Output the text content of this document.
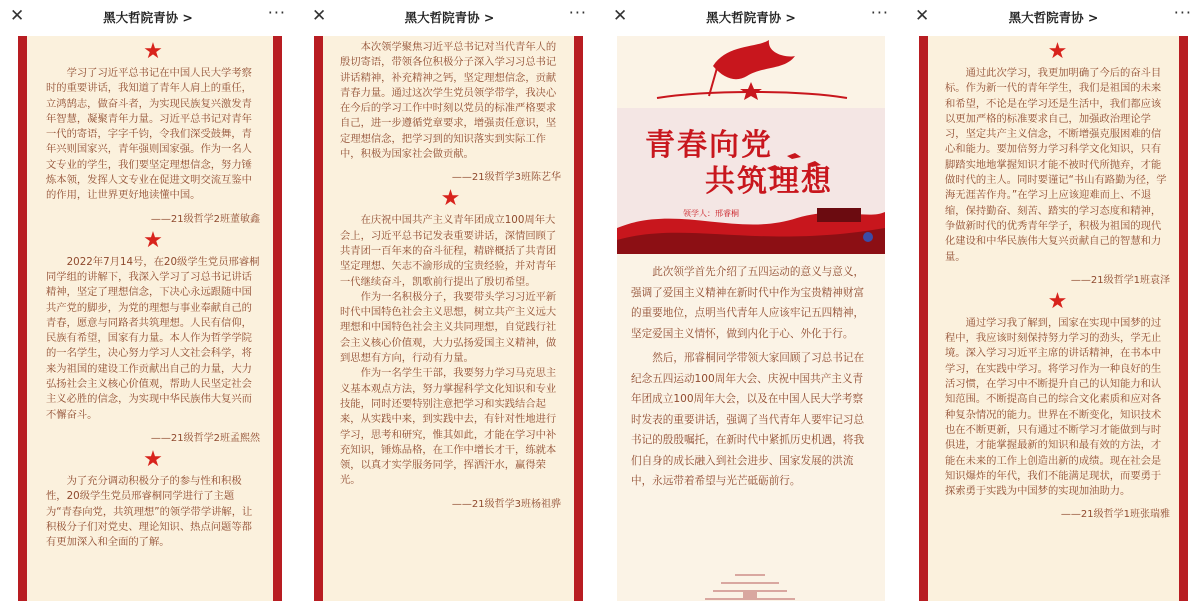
✕	黑大哲院青协 >	···
★

学习了习近平总书记在中国人民大学考察时的重要讲话，我知道了青年人肩上的重任，立鸿鹄志，做奋斗者，为实现民族复兴激发青年智慧，凝聚青年力量。习近平总书记对青年一代的寄语，字字千钧，令我们深受鼓舞，青年兴则国家兴，青年强则国家强。作为一名人文专业的学生，我们要坚定理想信念，努力锤炼本领，发挥人文专业在促进文明交流互鉴中的作用，让世界更好地读懂中国。

——21级哲学2班董敏鑫
★

2022年7月14号，在20级学生党员邢睿桐同学组的讲解下，我深入学习了习总书记讲话精神，坚定了理想信念，下决心永远跟随中国共产党的脚步，为党的理想与事业奉献自己的青春，愿意与同路者共筑理想。人民有信仰，民族有希望，国家有力量。本人作为哲学学院的一名学生，决心努力学习人文社会科学，将来为祖国的建设工作贡献出自己的力量，大力弘扬社会主义核心价值观，帮助人民坚定社会主义必胜的信念，为实现中华民族伟大复兴而不懈奋斗。

——21级哲学2班孟熙然
★

为了充分调动积极分子的参与性和积极性，20级学生党员邢睿桐同学进行了主题为“青春向党，共筑理想”的领学带学讲解，让积极分子们对党史、理论知识、热点问题等都有更加深入和全面的了解。

✕	黑大哲院青协 >	···

本次领学聚焦习近平总书记对当代青年人的殷切寄语，带领各位积极分子深入学习习总书记讲话精神，补充精神之钙，坚定理想信念，贡献青春力量。通过这次学生党员领学带学，我决心在今后的学习工作中时刻以党员的标准严格要求自己，进一步遵循党章要求，增强责任意识，坚定理想信念，把学习到的知识落实到实际工作中，积极为国家社会做贡献。

——21级哲学3班陈艺华
★

在庆祝中国共产主义青年团成立100周年大会上，习近平总书记发表重要讲话，深情回顾了共青团一百年来的奋斗征程，精辟概括了共青团坚定理想、矢志不渝形成的宝贵经验，并对青年一代继续奋斗，凯歌前行提出了殷切希望。

作为一名积极分子，我要带头学习习近平新时代中国特色社会主义思想，树立共产主义远大理想和中国特色社会主义共同理想，自觉践行社会主义核心价值观，大力弘扬爱国主义精神，做到思想有方向，行动有力量。

作为一名学生干部，我要努力学习马克思主义基本观点方法，努力掌握科学文化知识和专业技能，同时还要特别注意把学习和实践结合起来，从实践中来，到实践中去，有针对性地进行学习，思考和研究，惟其如此，才能在学习中补充知识，锤炼品格，在工作中增长才干，练就本领，以真才实学服务同学，挥洒汗水，赢得荣光。

——21级哲学3班杨祖骅
✕	黑大哲院青协 >	···
青春向党
共筑理想
领学人：邢睿桐

此次领学首先介绍了五四运动的意义与意义，强调了爱国主义精神在新时代中作为宝贵精神财富的重要地位，点明当代青年人应该牢记五四精神，坚定爱国主义情怀，做到内化于心、外化于行。

然后，邢睿桐同学带领大家回顾了习总书记在纪念五四运动100周年大会、庆祝中国共产主义青年团成立100周年大会，以及在中国人民大学考察时发表的重要讲话，强调了当代青年人要牢记习总书记的殷殷嘱托，在新时代中紧抓历史机遇，将我们自身的成长融入到社会进步、国家发展的洪流中，永远带着希望与光芒砥砺前行。

✕	黑大哲院青协 >	···
★

通过此次学习，我更加明确了今后的奋斗目标。作为新一代的青年学生，我们是祖国的未来和希望，不论是在学习还是生活中，我们都应该以更加严格的标准要求自己，加强政治理论学习，坚定共产主义信念，不断增强克服困难的信心和能力。要加倍努力学习科学文化知识，只有脚踏实地地掌握知识才能不被时代所抛弃，才能做时代的主人。同时要谨记“书山有路勤为径，学海无涯苦作舟。”在学习上应该迎难而上、不退缩，保持勤奋、刻苦、踏实的学习态度和精神，争做新时代的优秀青年学子，积极为祖国的现代化建设和中华民族伟大复兴贡献自己的智慧和力量。

——21级哲学1班袁泽
★

通过学习我了解到，国家在实现中国梦的过程中，我应该时刻保持努力学习的劲头，学无止境。深入学习习近平主席的讲话精神，在书本中学习，在实践中学习。将学习作为一种良好的生活习惯，在学习中不断提升自己的认知能力和认知范围。不断提高自己的综合文化素质和应对各种复杂情况的能力。世界在不断变化，知识技术也在不断更新，只有通过不断学习才能做到与时俱进，才能掌握最新的知识和最有效的方法，才能在未来的工作上创造出新的成绩。现在社会是知识爆炸的年代，我们不能满足现状，而要勇于探索勇于实践为中国梦的实现加油助力。

——21级哲学1班张瑞雅
